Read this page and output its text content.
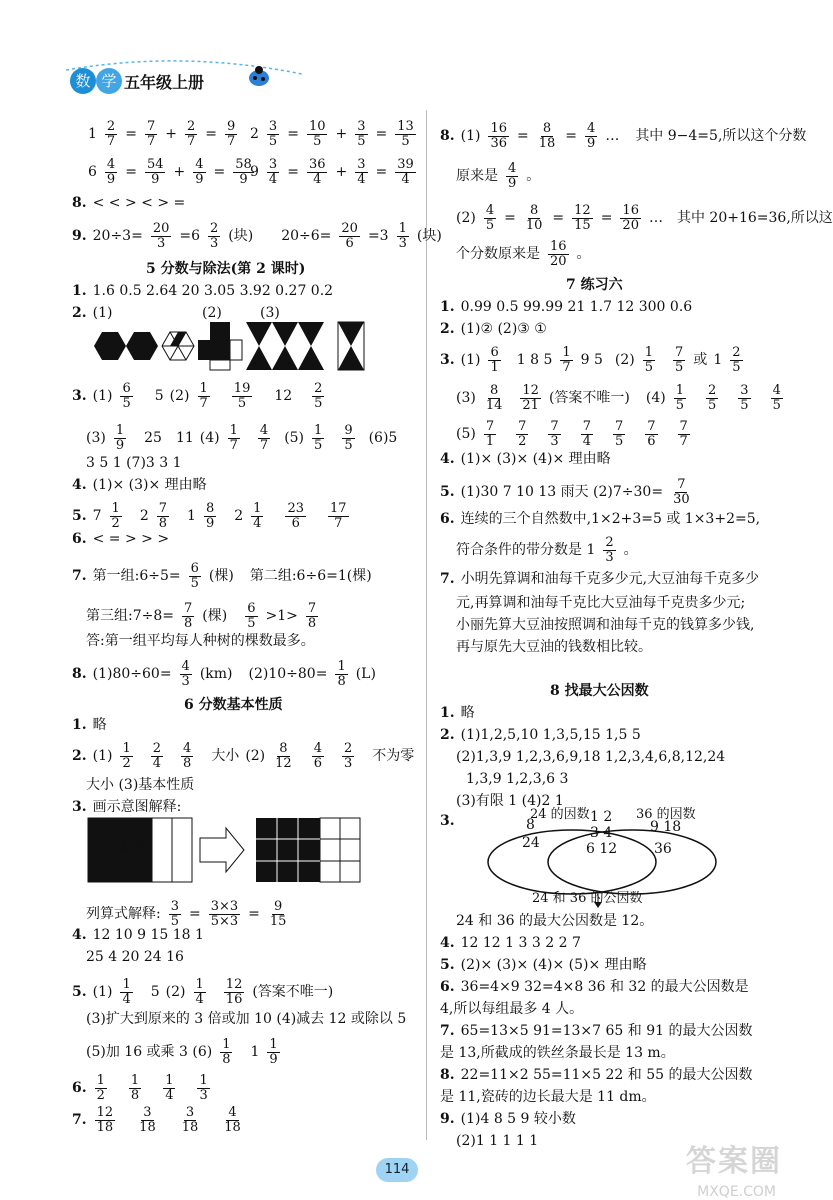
数 学 五年级上册
$1 \frac{2}{7} = \frac{7}{7} + \frac{2}{7} = \frac{9}{7} 2 \frac{3}{5} = \frac{10}{5} + \frac{3}{5} = \frac{13}{5}$
$6 \frac{4}{9} = \frac{54}{9} + \frac{4}{9} = \frac{58}{9}$
$9 \frac{3}{4} = \frac{36}{4} + \frac{3}{4} = \frac{39}{4}$
8. < < > < > =
9. $20\div 3= \frac{20}{3} =6$ 2
3 (块) $20\div 6= \frac{20}{6} =3$ 1
3 (块)
5 分数与除法(第 2 课时)
1. 1.6̇ 0.5 2.64 20 3.05 3.92 0.27 0.2
2. (1)	(2)	(3)
3. (1) 6
5 5 (2) 1
7
19
5 12 2
5
(3) 1
9 25 11 (4) 1
7
4
7 (5) 1
5
9
5 (6)5
3 5 1 (7)3 3 1
4. (1)× (3)× 理由略
5. 7 1
2 2 7
8 1 8
9 2 1
4
23
6
17
7
6. < = > > >
7. 第一组:6÷5= $\frac{6}{5}$ (棵) 第二组:6÷6=1(棵)
第三组:7÷8= $\frac{7}{8}$ (棵) 6
5 >1> 7
8
答:第一组平均每人种树的棵数最多。
8. $(1)80\div 60= \frac{4}{3} (km)$ $(2)10\div 80= \frac{1}{8} (L)$
6 分数基本性质
1. 略
2. (1) 1
2
2
4
4
8 大小 (2) 8
12
4
6
2
3 不为零
大小 (3)基本性质
3. 画示意图解释:
相等
列算式解释: $\frac{3}{5} = \frac{3\times 3}{5\times 3} = \frac{9}{15}$
4. 12 10 9 15 18 1
25 4 20 24 16
5. (1) 1
4 5 (2) 1
4
12
16 (答案不唯一)
(3)扩大到原来的 3 倍或加 10 (4)减去 12 或除以 5
(5)加 16 或乘 3 (6) 1
8 1 1
9
6. 1
2
1
8
1
4
1
3
7. 12
18
3
18
3
18
4
18
8. $(1) \frac{16}{36} = \frac{8}{18} = \frac{4}{9}$ … 其中 9−4=5,所以这个分数
原来是 4
9 。
$(2) \frac{4}{5} = \frac{8}{10} = \frac{12}{15} = \frac{16}{20}$ … 其中 20+16=36,所以这
个分数原来是 16
20 。
7 练习六
1. 0.99 0.5 99.99 21 1.7 12 300 0.6
2. (1)② (2)③ ①
3. (1) 6
1 1 8 5 1
7 9 5 (2) 1
5
7
5 或 1 2
5
(3) 8
14
12
21 (答案不唯一) (4) 1
5
2
5
3
5
4
5
(5) 7
1
7
2
7
3
7
4
7
5
7
6
7
7
4. (1)× (3)× (4)× 理由略
5. (1)30 7 10 13 雨天 $(2)7\div 30= \frac{7}{30}$
6. 连续的三个自然数中,1×2+3=5 或 1×3+2=5,
符合条件的带分数是 1 2
3 。
7. 小明先算调和油每千克多少元,大豆油每千克多少
元,再算调和油每千克比大豆油每千克贵多少元;
小丽先算大豆油按照调和油每千克的钱算多少钱,
再与原先大豆油的钱数相比较。
8 找最大公因数
1. 略
2. (1)1,2,5,10 1,3,5,15 1,5 5
(2)1,3,9 1,2,3,6,9,18 1,2,3,4,6,8,12,24
1,3,9 1,2,3,6 3
(3)有限 1 (4)2 1
3.	24 的因数	36 的因数
8
24
1 2
3 4
6 12
9 18
36
24 和 36 的公因数
24 和 36 的最大公因数是 12。
4. 12 12 1 3 3 2 2 7
5. (2)× (3)× (4)× (5)× 理由略
6. 36=4×9 32=4×8 36 和 32 的最大公因数是
4,所以每组最多 4 人。
7. 65=13×5 91=13×7 65 和 91 的最大公因数
是 13,所截成的铁丝条最长是 13 m。
8. 22=11×2 55=11×5 22 和 55 的最大公因数
是 11,瓷砖的边长最大是 11 dm。
9. (1)4 8 5 9 较小数
(2)1 1 1 1 1
114	答案圈
MXQE.COM
